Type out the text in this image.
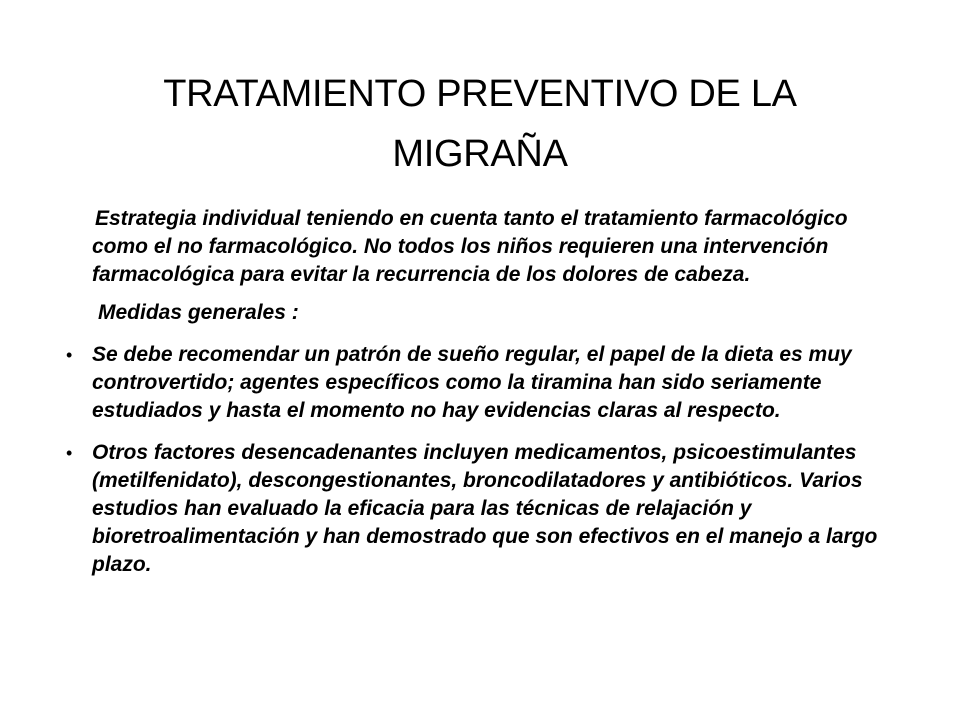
TRATAMIENTO PREVENTIVO DE LA MIGRAÑA

Estrategia individual teniendo en cuenta tanto el tratamiento farmacológico como el no farmacológico. No todos los niños requieren una intervención farmacológica para evitar la recurrencia de los dolores de cabeza.

Medidas generales :

• Se debe recomendar un patrón de sueño regular, el papel de la dieta es muy controvertido; agentes específicos como la tiramina han sido seriamente estudiados y hasta el momento no hay evidencias claras al respecto.
• Otros factores desencadenantes incluyen medicamentos, psicoestimulantes (metilfenidato), descongestionantes, broncodilatadores y antibióticos. Varios estudios han evaluado la eficacia para las técnicas de relajación y bioretroalimentación y han demostrado que son efectivos en el manejo a largo plazo.
